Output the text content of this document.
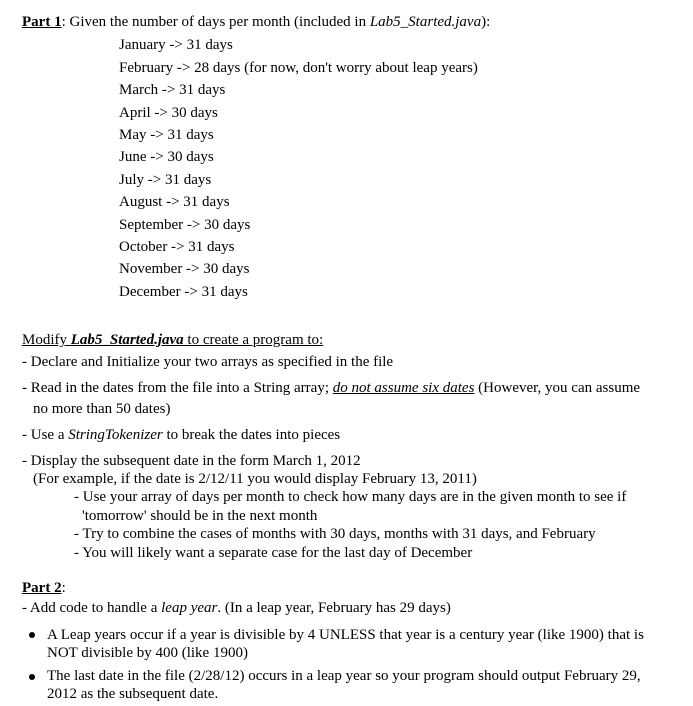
Part 1: Given the number of days per month (included in Lab5_Started.java):
January -> 31 days
February -> 28 days (for now, don't worry about leap years)
March -> 31 days
April -> 30 days
May -> 31 days
June -> 30 days
July -> 31 days
August -> 31 days
September -> 30 days
October -> 31 days
November -> 30 days
December -> 31 days
Modify Lab5_Started.java to create a program to:
- Declare and Initialize your two arrays as specified in the file
- Read in the dates from the file into a String array; do not assume six dates (However, you can assume
no more than 50 dates)
- Use a StringTokenizer to break the dates into pieces
- Display the subsequent date in the form March 1, 2012
(For example, if the date is 2/12/11 you would display February 13, 2011)
- Use your array of days per month to check how many days are in the given month to see if
'tomorrow' should be in the next month
- Try to combine the cases of months with 30 days, months with 31 days, and February
- You will likely want a separate case for the last day of December
Part 2:
- Add code to handle a leap year. (In a leap year, February has 29 days)
A Leap years occur if a year is divisible by 4 UNLESS that year is a century year (like 1900) that is
NOT divisible by 400 (like 1900)
The last date in the file (2/28/12) occurs in a leap year so your program should output February 29,
2012 as the subsequent date.
